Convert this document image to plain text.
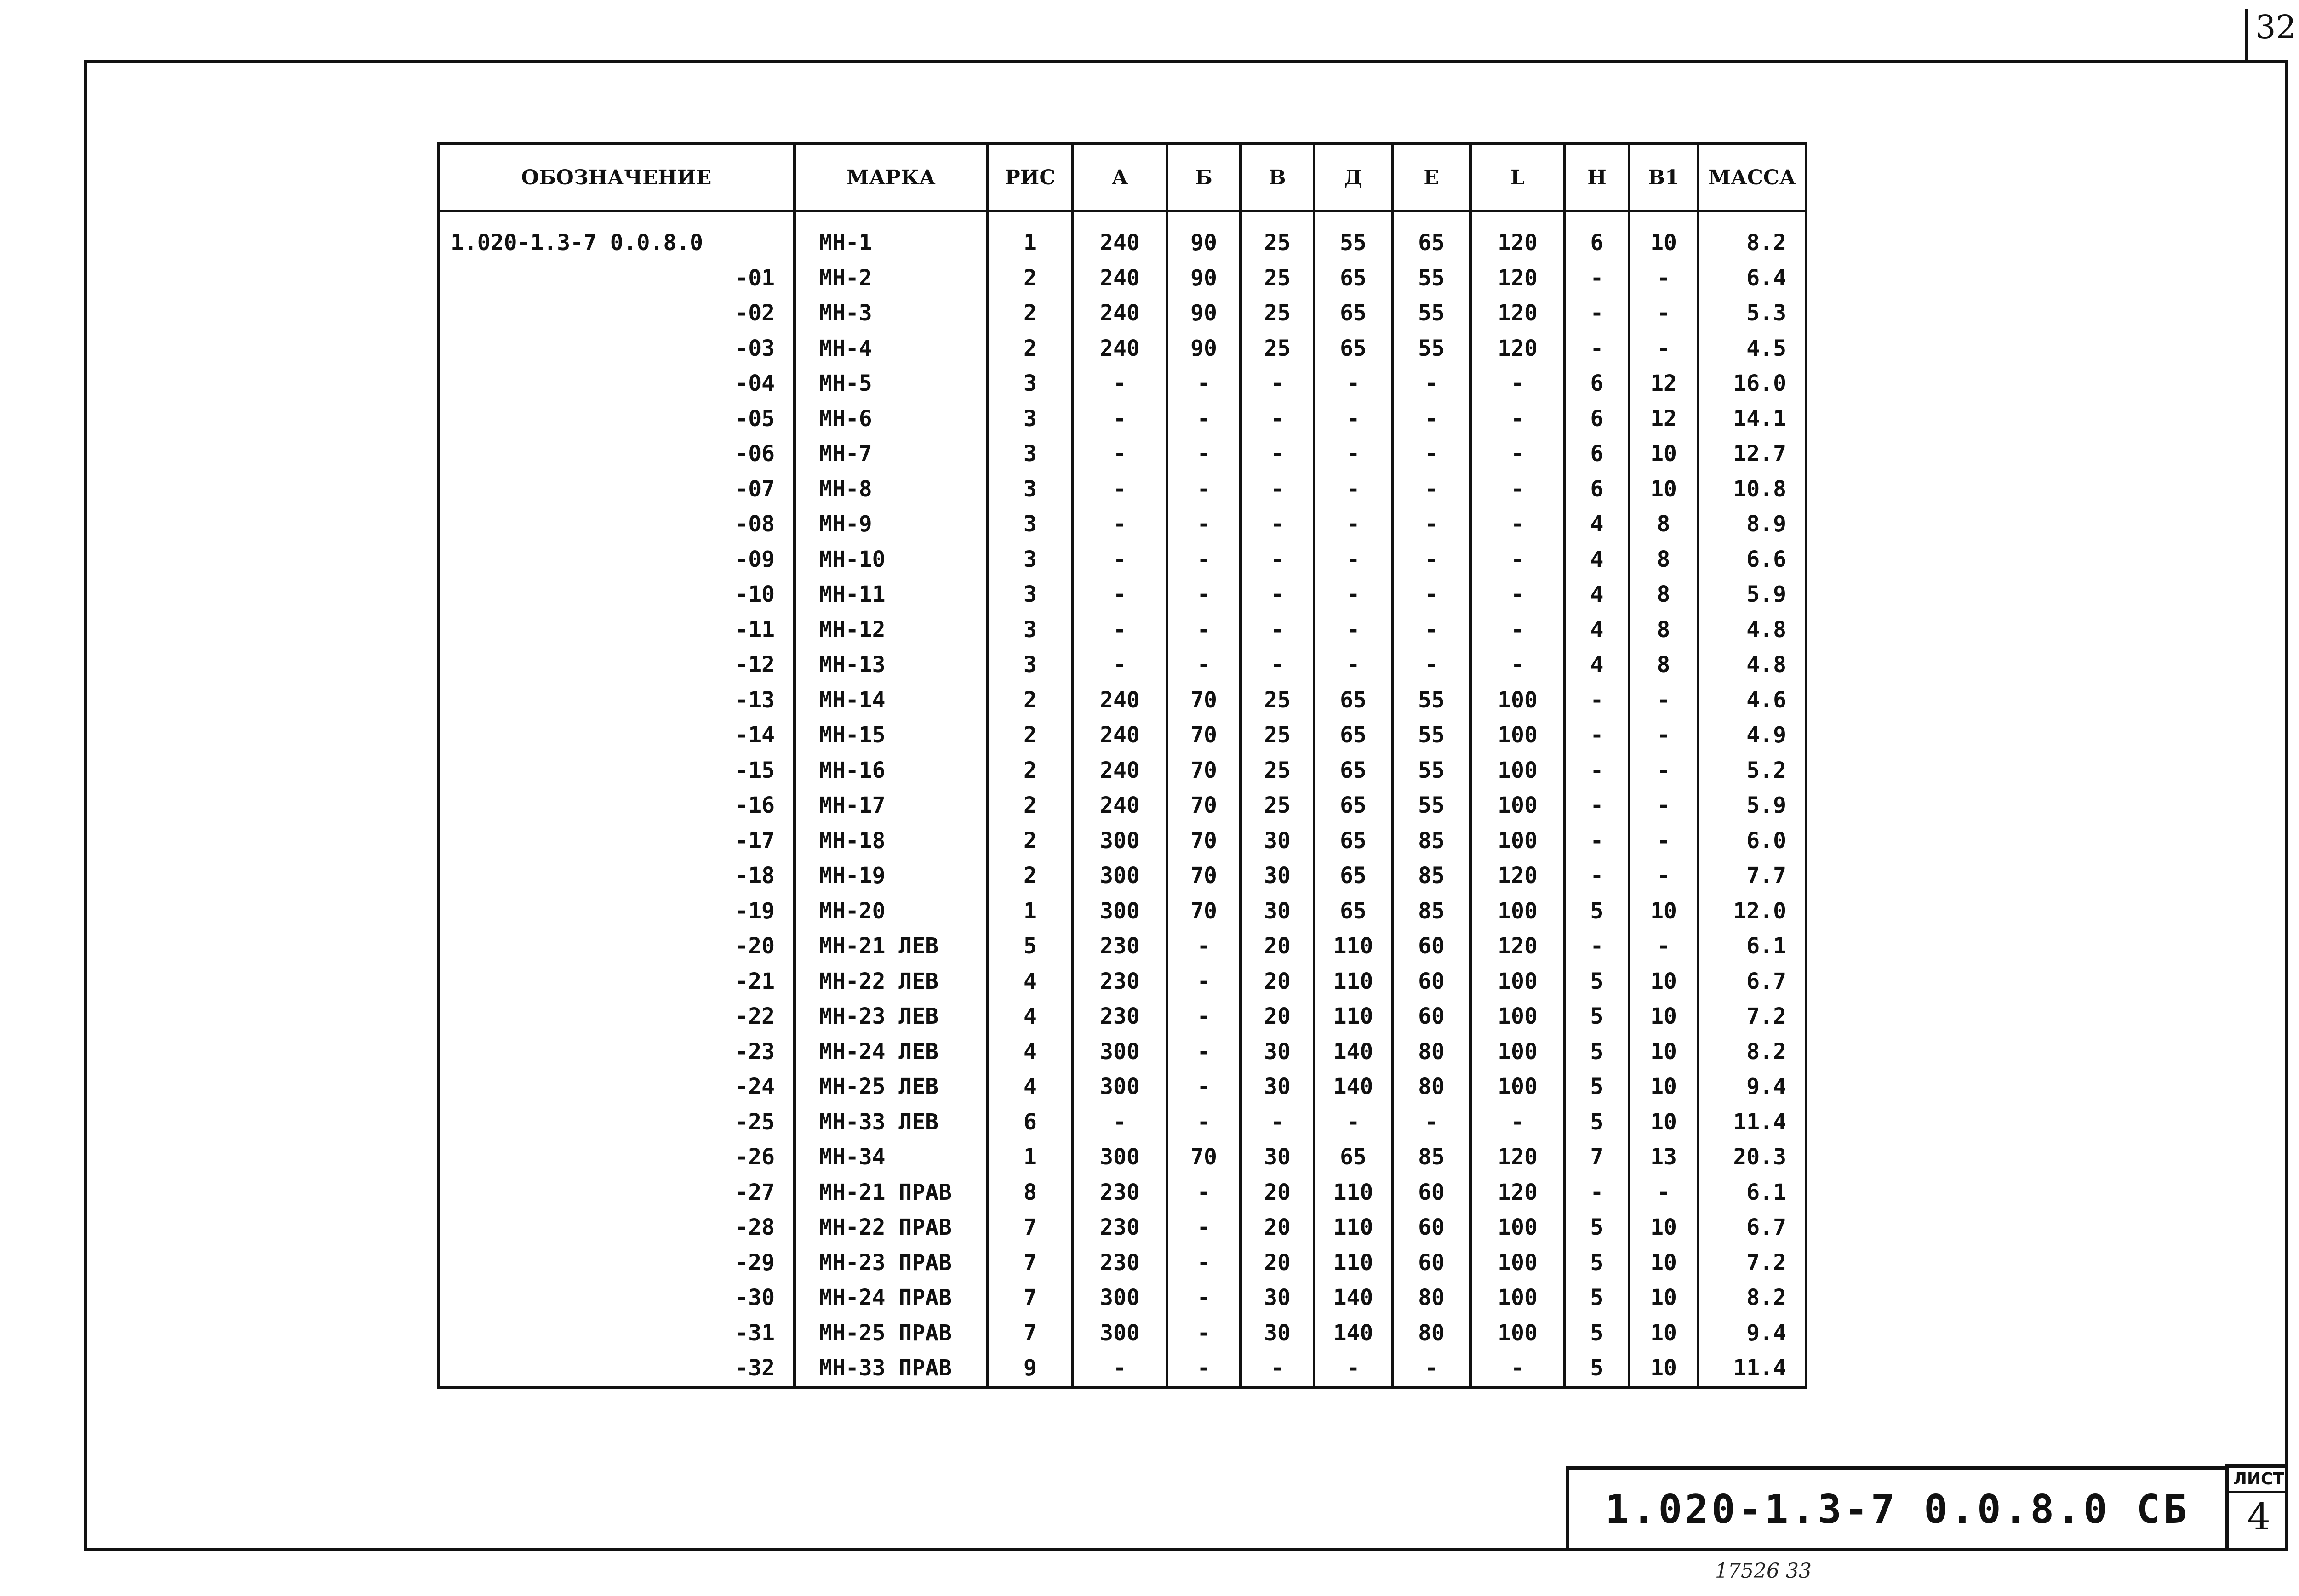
32
ОБОЗНАЧЕНИЕ	МАРКА	РИС	А	Б	В	Д	Е	L	Н	В1	МАССА
1.020-1.3-7 0.0.8.0	МН-1	1	240	90	25	55	65	120	6	10	8.2
-01	МН-2	2	240	90	25	65	55	120	-	-	6.4
-02	МН-3	2	240	90	25	65	55	120	-	-	5.3
-03	МН-4	2	240	90	25	65	55	120	-	-	4.5
-04	МН-5	3	-	-	-	-	-	-	6	12	16.0
-05	МН-6	3	-	-	-	-	-	-	6	12	14.1
-06	МН-7	3	-	-	-	-	-	-	6	10	12.7
-07	МН-8	3	-	-	-	-	-	-	6	10	10.8
-08	МН-9	3	-	-	-	-	-	-	4	8	8.9
-09	МН-10	3	-	-	-	-	-	-	4	8	6.6
-10	МН-11	3	-	-	-	-	-	-	4	8	5.9
-11	МН-12	3	-	-	-	-	-	-	4	8	4.8
-12	МН-13	3	-	-	-	-	-	-	4	8	4.8
-13	МН-14	2	240	70	25	65	55	100	-	-	4.6
-14	МН-15	2	240	70	25	65	55	100	-	-	4.9
-15	МН-16	2	240	70	25	65	55	100	-	-	5.2
-16	МН-17	2	240	70	25	65	55	100	-	-	5.9
-17	МН-18	2	300	70	30	65	85	100	-	-	6.0
-18	МН-19	2	300	70	30	65	85	120	-	-	7.7
-19	МН-20	1	300	70	30	65	85	100	5	10	12.0
-20	МН-21 ЛЕВ	5	230	-	20	110	60	120	-	-	6.1
-21	МН-22 ЛЕВ	4	230	-	20	110	60	100	5	10	6.7
-22	МН-23 ЛЕВ	4	230	-	20	110	60	100	5	10	7.2
-23	МН-24 ЛЕВ	4	300	-	30	140	80	100	5	10	8.2
-24	МН-25 ЛЕВ	4	300	-	30	140	80	100	5	10	9.4
-25	МН-33 ЛЕВ	6	-	-	-	-	-	-	5	10	11.4
-26	МН-34	1	300	70	30	65	85	120	7	13	20.3
-27	МН-21 ПРАВ	8	230	-	20	110	60	120	-	-	6.1
-28	МН-22 ПРАВ	7	230	-	20	110	60	100	5	10	6.7
-29	МН-23 ПРАВ	7	230	-	20	110	60	100	5	10	7.2
-30	МН-24 ПРАВ	7	300	-	30	140	80	100	5	10	8.2
-31	МН-25 ПРАВ	7	300	-	30	140	80	100	5	10	9.4
-32	МН-33 ПРАВ	9	-	-	-	-	-	-	5	10	11.4
1.020-1.3-7 0.0.8.0 СБ
ЛИСТ
4
17526 33
